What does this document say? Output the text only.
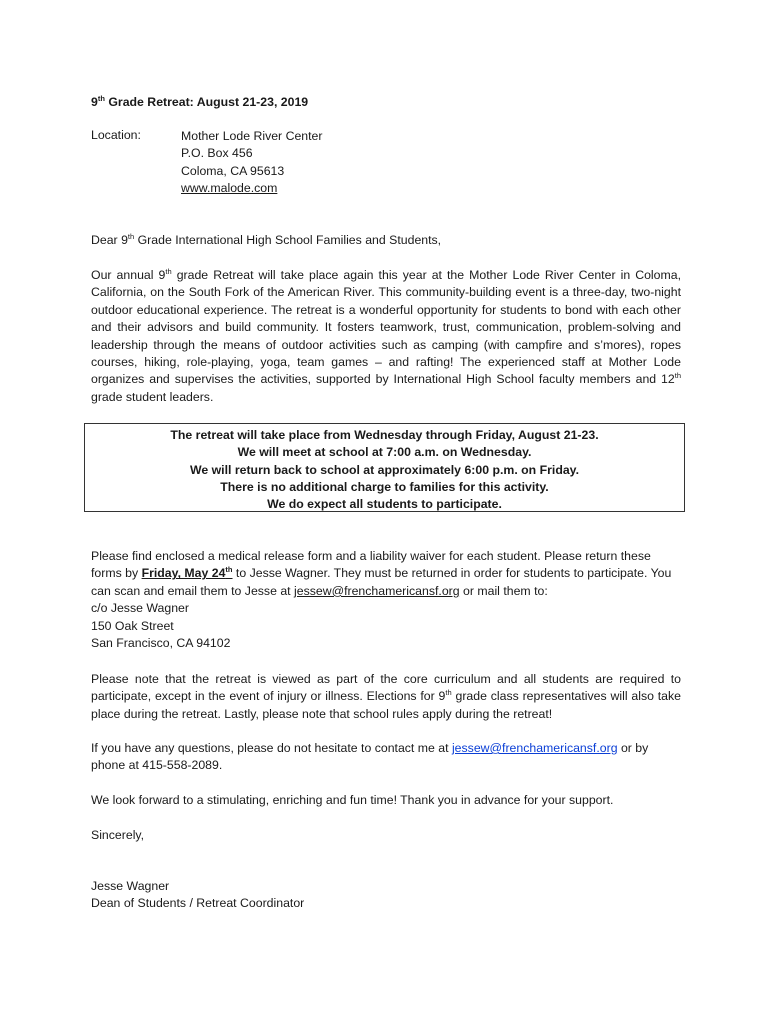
9th Grade Retreat: August 21-23, 2019

Location:	Mother Lode River Center
P.O. Box 456
Coloma, CA 95613
www.malode.com

Dear 9th Grade International High School Families and Students,

Our annual 9th grade Retreat will take place again this year at the Mother Lode River Center in Coloma, California, on the South Fork of the American River. This community-building event is a three-day, two-night outdoor educational experience. The retreat is a wonderful opportunity for students to bond with each other and their advisors and build community. It fosters teamwork, trust, communication, problem-solving and leadership through the means of outdoor activities such as camping (with campfire and s’mores), ropes courses, hiking, role-playing, yoga, team games – and rafting! The experienced staff at Mother Lode organizes and supervises the activities, supported by International High School faculty members and 12th grade student leaders.

The retreat will take place from Wednesday through Friday, August 21-23.
We will meet at school at 7:00 a.m. on Wednesday.
We will return back to school at approximately 6:00 p.m. on Friday.
There is no additional charge to families for this activity.
We do expect all students to participate.

Please find enclosed a medical release form and a liability waiver for each student. Please return these forms by Friday, May 24th to Jesse Wagner. They must be returned in order for students to participate. You can scan and email them to Jesse at jessew@frenchamericansf.org or mail them to:

c/o Jesse Wagner
150 Oak Street
San Francisco, CA 94102

Please note that the retreat is viewed as part of the core curriculum and all students are required to participate, except in the event of injury or illness. Elections for 9th grade class representatives will also take place during the retreat. Lastly, please note that school rules apply during the retreat!

If you have any questions, please do not hesitate to contact me at jessew@frenchamericansf.org or by phone at 415-558-2089.

We look forward to a stimulating, enriching and fun time! Thank you in advance for your support.

Sincerely,

Jesse Wagner
Dean of Students / Retreat Coordinator
